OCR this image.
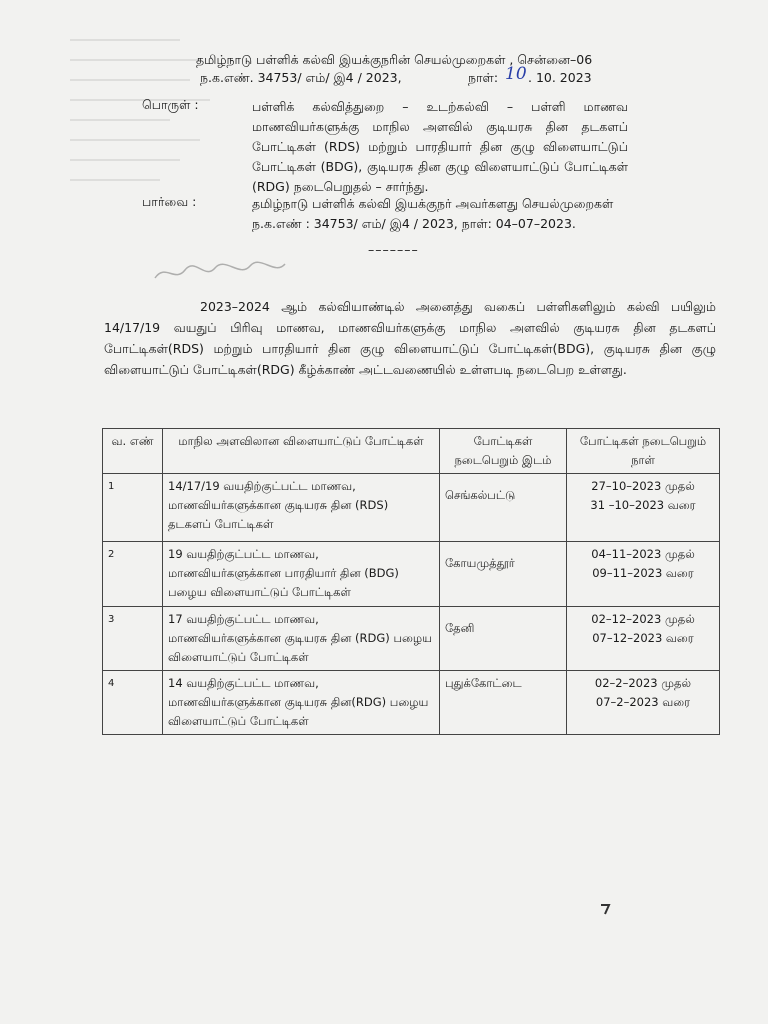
தமிழ்நாடு பள்ளிக் கல்வி இயக்குநரின் செயல்முறைகள் , சென்னை–06
ந.க.எண். 34753/ எம்/ இ4 / 2023,	நாள்: 10 . 10. 2023
பொருள் :	பள்ளிக் கல்வித்துறை – உடற்கல்வி – பள்ளி மாணவ மாணவியர்களுக்கு மாநில அளவில் குடியரசு தின தடகளப் போட்டிகள் (RDS) மற்றும் பாரதியார் தின குழு விளையாட்டுப் போட்டிகள் (BDG), குடியரசு தின குழு விளையாட்டுப் போட்டிகள் (RDG) நடைபெறுதல் – சார்ந்து.
பார்வை :	தமிழ்நாடு பள்ளிக் கல்வி இயக்குநர் அவர்களது செயல்முறைகள்
ந.க.எண் : 34753/ எம்/ இ4 / 2023, நாள்: 04–07–2023.
–––––––
2023–2024 ஆம் கல்வியாண்டில் அனைத்து வகைப் பள்ளிகளிலும் கல்வி பயிலும் 14/17/19 வயதுப் பிரிவு மாணவ, மாணவியர்களுக்கு மாநில அளவில் குடியரசு தின தடகளப் போட்டிகள்(RDS) மற்றும் பாரதியார் தின குழு விளையாட்டுப் போட்டிகள்(BDG), குடியரசு தின குழு விளையாட்டுப் போட்டிகள்(RDG) கீழ்க்காண் அட்டவணையில் உள்ளபடி நடைபெற உள்ளது.
வ. எண்	மாநில அளவிலான விளையாட்டுப் போட்டிகள்	போட்டிகள் நடைபெறும் இடம்	போட்டிகள் நடைபெறும் நாள்
1	14/17/19 வயதிற்குட்பட்ட மாணவ, மாணவியர்களுக்கான குடியரசு தின (RDS) தடகளப் போட்டிகள்	செங்கல்பட்டு	27–10–2023 முதல்
31 –10–2023 வரை

2	19 வயதிற்குட்பட்ட மாணவ, மாணவியர்களுக்கான பாரதியார் தின (BDG) பழைய விளையாட்டுப் போட்டிகள்	கோயமுத்தூர்	04–11–2023 முதல்
09–11–2023 வரை

3	17 வயதிற்குட்பட்ட மாணவ, மாணவியர்களுக்கான குடியரசு தின (RDG) பழைய விளையாட்டுப் போட்டிகள்	தேனி	02–12–2023 முதல்
07–12–2023 வரை

4	14 வயதிற்குட்பட்ட மாணவ, மாணவியர்களுக்கான குடியரசு தின(RDG) பழைய விளையாட்டுப் போட்டிகள்	புதுக்கோட்டை	02–2–2023 முதல்
07–2–2023 வரை
